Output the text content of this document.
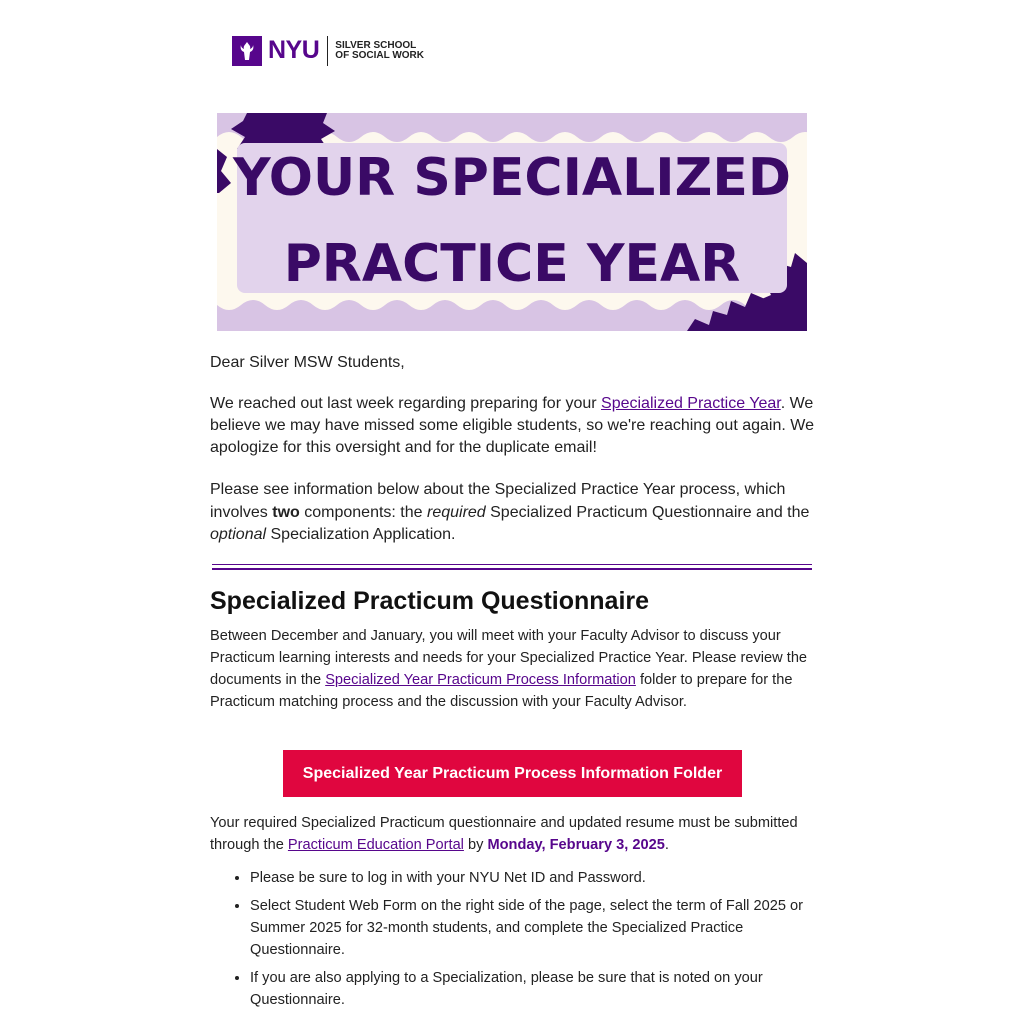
NYU SILVER SCHOOL
OF SOCIAL WORK
YOUR SPECIALIZED
PRACTICE YEAR

Dear Silver MSW Students,

We reached out last week regarding preparing for your Specialized Practice Year. We believe we may have missed some eligible students, so we're reaching out again. We apologize for this oversight and for the duplicate email!

Please see information below about the Specialized Practice Year process, which involves two components: the required Specialized Practicum Questionnaire and the optional Specialization Application.

Specialized Practicum Questionnaire

Between December and January, you will meet with your Faculty Advisor to discuss your Practicum learning interests and needs for your Specialized Practice Year. Please review the documents in the Specialized Year Practicum Process Information folder to prepare for the Practicum matching process and the discussion with your Faculty Advisor.

Specialized Year Practicum Process Information Folder

Your required Specialized Practicum questionnaire and updated resume must be submitted through the Practicum Education Portal by Monday, February 3, 2025.

• Please be sure to log in with your NYU Net ID and Password.
• Select Student Web Form on the right side of the page, select the term of Fall 2025 or Summer 2025 for 32-month students, and complete the Specialized Practice Questionnaire.
• If you are also applying to a Specialization, please be sure that is noted on your Questionnaire.
